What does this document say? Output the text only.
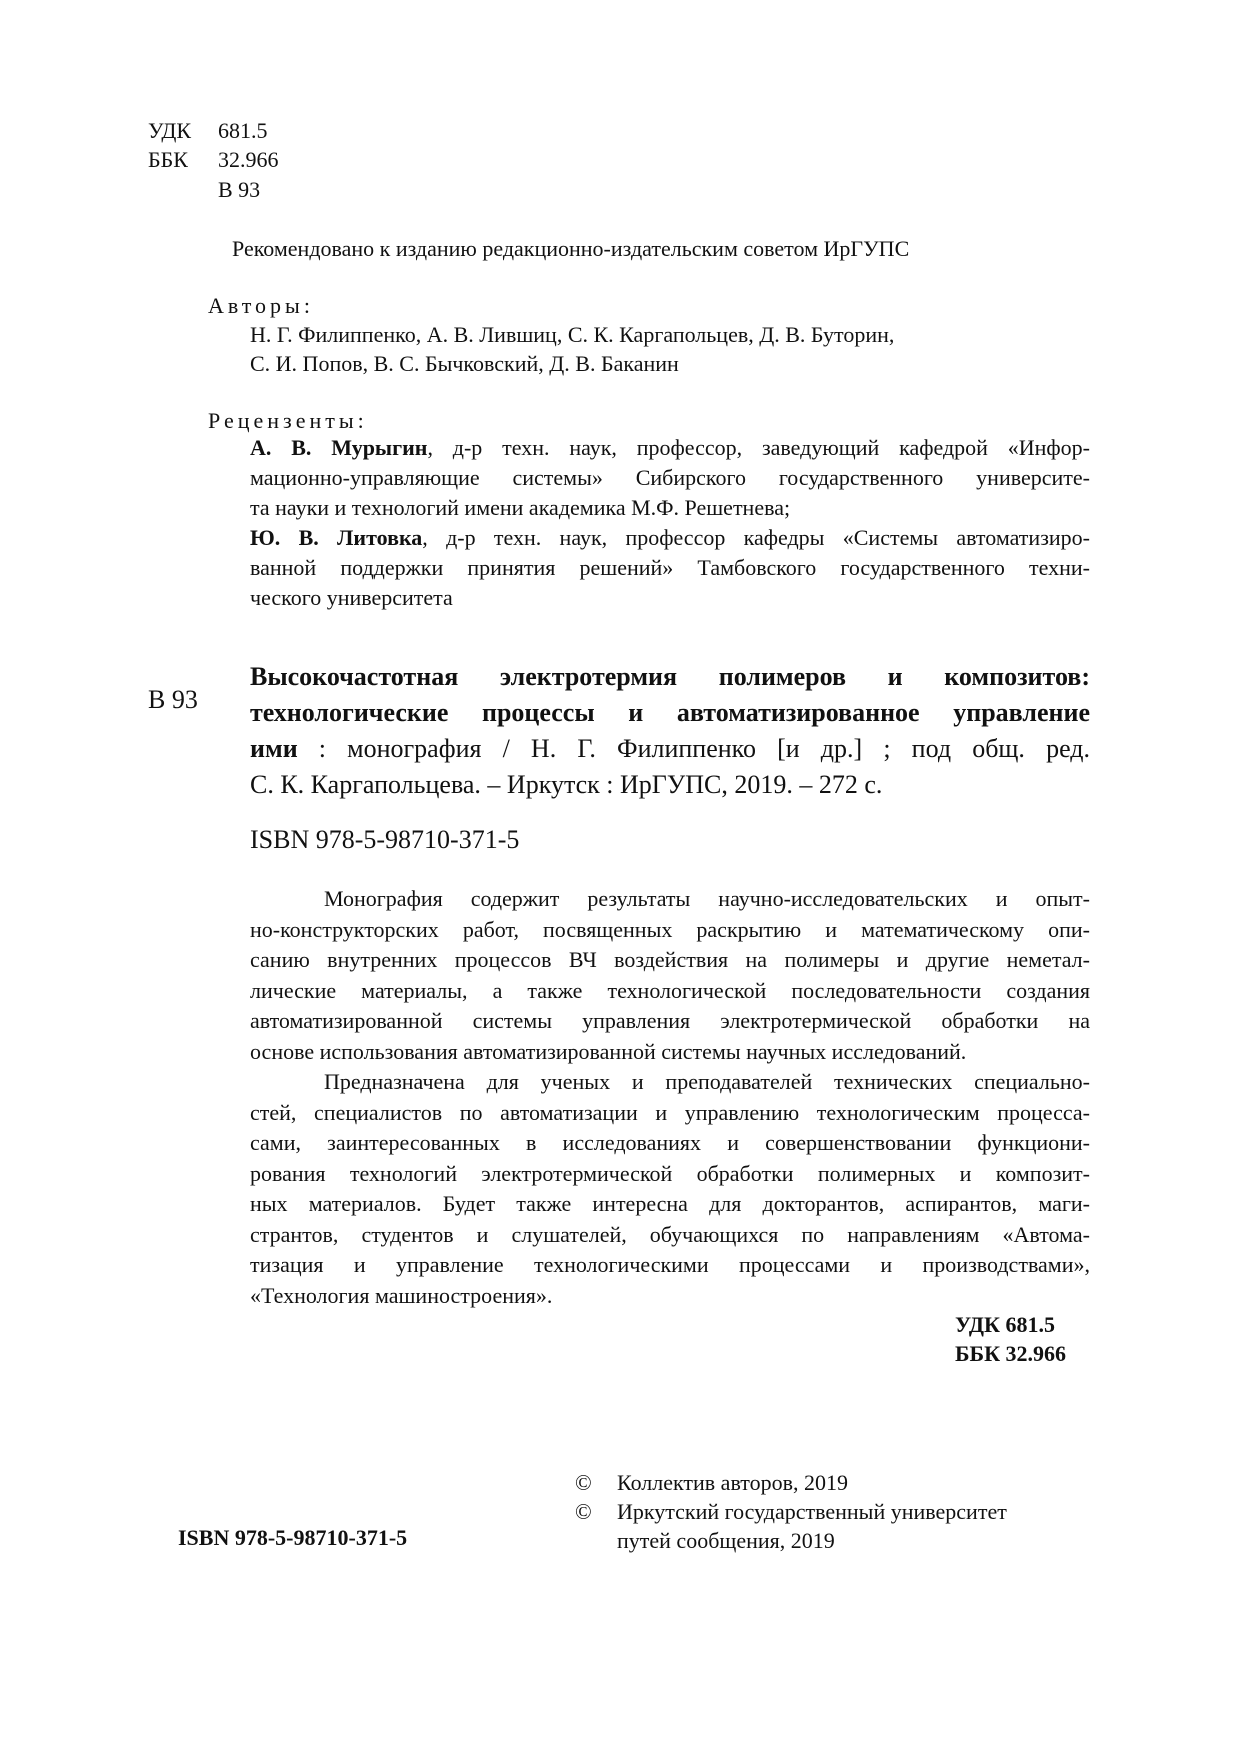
УДК	681.5
ББК	32.966
В 93
Рекомендовано к изданию редакционно-издательским советом ИрГУПС
Авторы:
Н. Г. Филиппенко, А. В. Лившиц, С. К. Каргапольцев, Д. В. Буторин,
С. И. Попов, В. С. Бычковский, Д. В. Баканин
Рецензенты:
А. В. Мурыгин, д-р техн. наук, профессор, заведующий кафедрой «Инфор-
мационно-управляющие системы» Сибирского государственного университе-
та науки и технологий имени академика М.Ф. Решетнева;
Ю. В. Литовка, д-р техн. наук, профессор кафедры «Системы автоматизиро-
ванной поддержки принятия решений» Тамбовского государственного техни-
ческого университета
В 93
Высокочастотная электротермия полимеров и композитов:
технологические процессы и автоматизированное управление
ими : монография / Н. Г. Филиппенко [и др.] ; под общ. ред.
С. К. Каргапольцева. – Иркутск : ИрГУПС, 2019. – 272 с.
ISBN 978-5-98710-371-5
Монография содержит результаты научно-исследовательских и опыт-
но-конструкторских работ, посвященных раскрытию и математическому опи-
санию внутренних процессов ВЧ воздействия на полимеры и другие неметал-
лические материалы, а также технологической последовательности создания
автоматизированной системы управления электротермической обработки на
основе использования автоматизированной системы научных исследований.
Предназначена для ученых и преподавателей технических специально-
стей, специалистов по автоматизации и управлению технологическим процесса-
сами, заинтересованных в исследованиях и совершенствовании функциони-
рования технологий электротермической обработки полимерных и композит-
ных материалов. Будет также интересна для докторантов, аспирантов, маги-
странтов, студентов и слушателей, обучающихся по направлениям «Автома-
тизация и управление технологическими процессами и производствами»,
«Технология машиностроения».
УДК 681.5
ББК 32.966
ISBN 978-5-98710-371-5
© Коллектив авторов, 2019
© Иркутский государственный университет
путей сообщения, 2019
